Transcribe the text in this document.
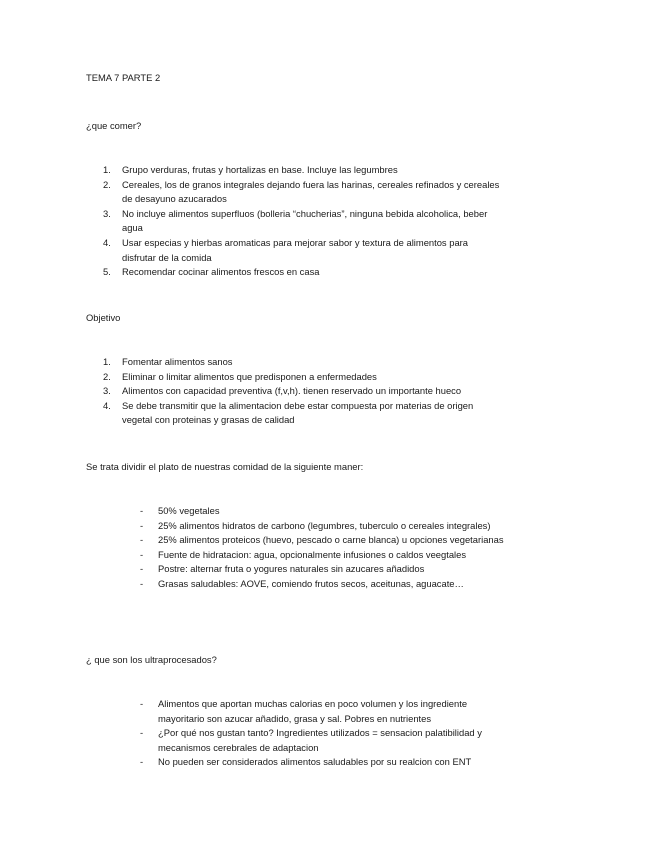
TEMA 7 PARTE 2
¿que comer?
1. Grupo verduras, frutas y hortalizas en base. Incluye las legumbres
2. Cereales, los de granos integrales dejando fuera las harinas, cereales refinados y cereales de desayuno azucarados
3. No incluye alimentos superfluos (bolleria “chucherias”, ninguna bebida alcoholica, beber agua
4. Usar especias y hierbas aromaticas para mejorar sabor y textura de alimentos para disfrutar de la comida
5. Recomendar cocinar alimentos frescos en casa
Objetivo
1. Fomentar alimentos sanos
2. Eliminar o limitar alimentos que predisponen a enfermedades
3. Alimentos con capacidad preventiva (f,v,h). tienen reservado un importante hueco
4. Se debe transmitir que la alimentacion debe estar compuesta por materias de origen vegetal con proteinas y grasas de calidad
Se trata dividir el plato de nuestras comidad de la siguiente maner:
- 50% vegetales
- 25% alimentos hidratos de carbono (legumbres, tuberculo o cereales integrales)
- 25% alimentos proteicos (huevo, pescado o carne blanca) u opciones vegetarianas
- Fuente de hidratacion: agua, opcionalmente infusiones o caldos veegtales
- Postre: alternar fruta o yogures naturales sin azucares añadidos
- Grasas saludables: AOVE, comiendo frutos secos, aceitunas, aguacate…
¿ que son los ultraprocesados?
- Alimentos que aportan muchas calorias en poco volumen y los ingrediente mayoritario son azucar añadido, grasa y sal. Pobres en nutrientes
- ¿Por qué nos gustan tanto? Ingredientes utilizados = sensacion palatibilidad y mecanismos cerebrales de adaptacion
- No pueden ser considerados alimentos saludables por su realcion con ENT
